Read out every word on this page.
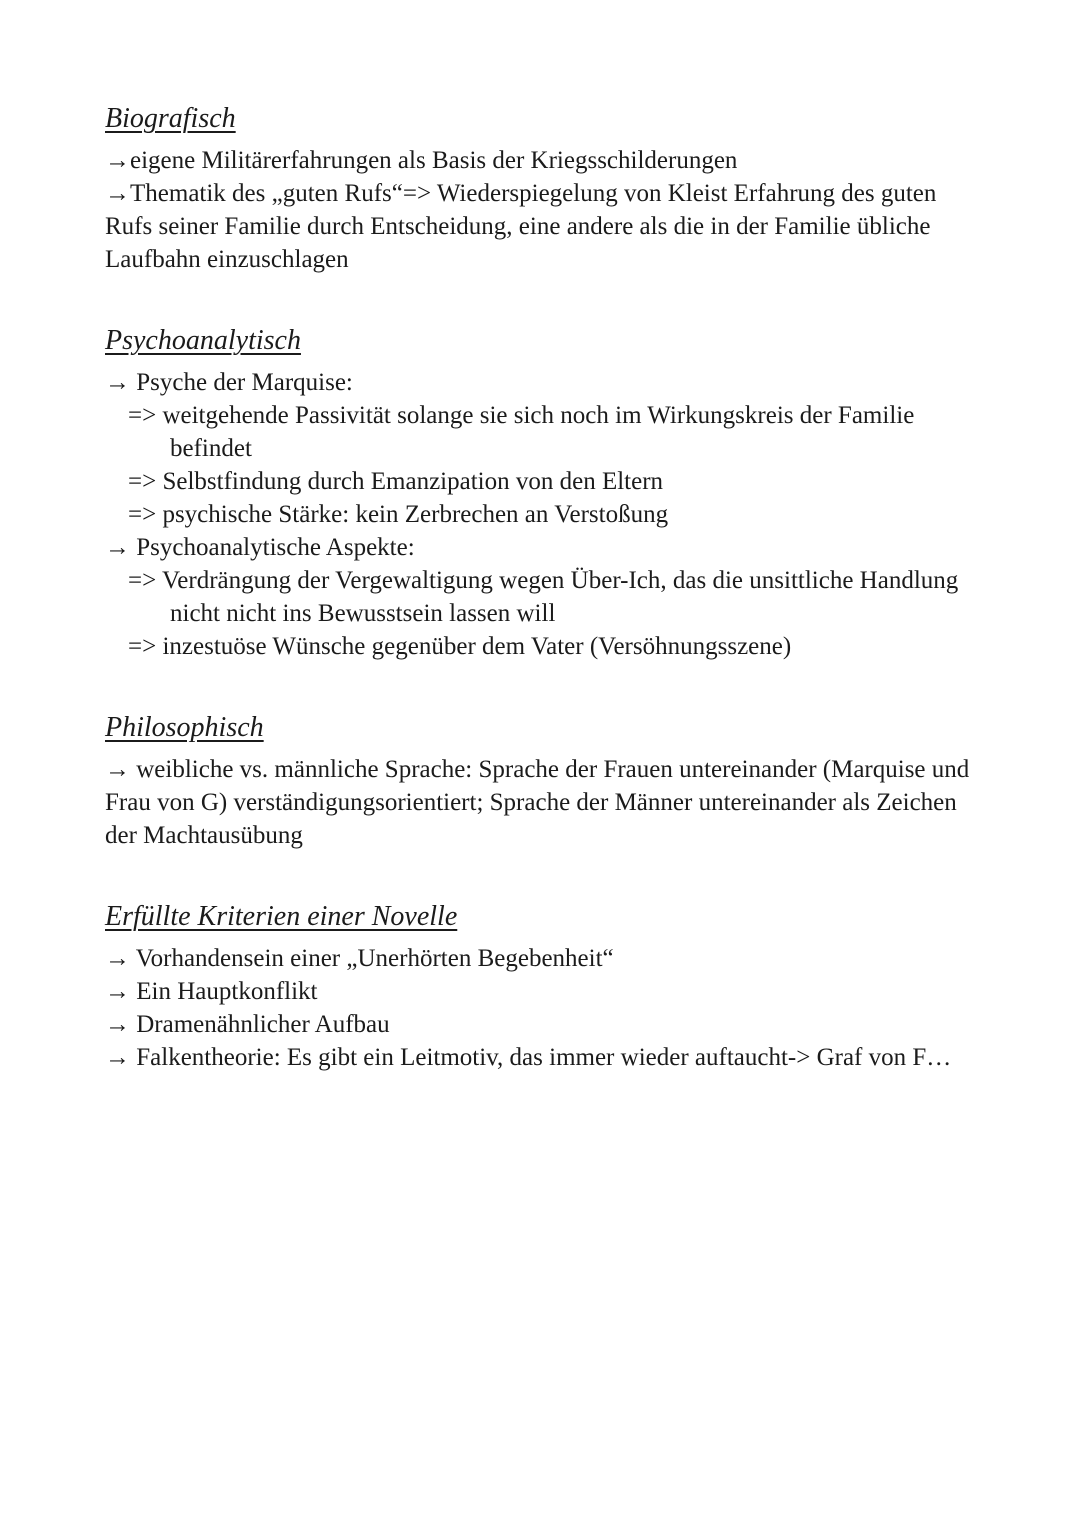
Biografisch

→eigene Militärerfahrungen als Basis der Kriegsschilderungen

→Thematik des „guten Rufs“=> Wiederspiegelung von Kleist Erfahrung des guten Rufs seiner Familie durch Entscheidung, eine andere als die in der Familie übliche Laufbahn einzuschlagen

Psychoanalytisch

→ Psyche der Marquise:

=> weitgehende Passivität solange sie sich noch im Wirkungskreis der Familie befindet

=> Selbstfindung durch Emanzipation von den Eltern

=> psychische Stärke: kein Zerbrechen an Verstoßung

→ Psychoanalytische Aspekte:

=> Verdrängung der Vergewaltigung wegen Über-Ich, das die unsittliche Handlung nicht nicht ins Bewusstsein lassen will

=> inzestuöse Wünsche gegenüber dem Vater (Versöhnungsszene)

Philosophisch

→ weibliche vs. männliche Sprache: Sprache der Frauen untereinander (Marquise und Frau von G) verständigungsorientiert; Sprache der Männer untereinander als Zeichen der Machtausübung

Erfüllte Kriterien einer Novelle

→ Vorhandensein einer „Unerhörten Begebenheit“

→ Ein Hauptkonflikt

→ Dramenähnlicher Aufbau

→ Falkentheorie: Es gibt ein Leitmotiv, das immer wieder auftaucht-> Graf von F…
